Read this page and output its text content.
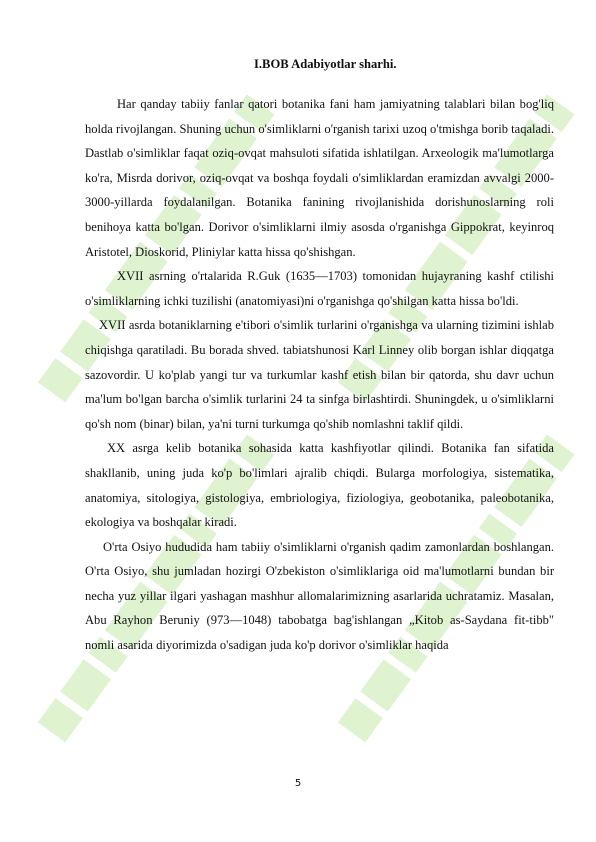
I.BOB Adabiyotlar sharhi.

Har qanday tabiiy fanlar qatori botanika fani ham jamiyatning talablari bilan bog'liq holda rivojlangan. Shuning uchun o'simliklarni o'rganish tarixi uzoq o'tmishga borib taqaladi. Dastlab o'simliklar faqat oziq-ovqat mahsuloti sifatida ishlatilgan. Arxeologik ma'lumotlarga ko'ra, Misrda dorivor, oziq-ovqat va boshqa foydali o'simliklardan eramizdan avvalgi 2000-3000-yillarda foydalanilgan. Botanika fanining rivojlanishida dorishunoslarning roli benihoya katta bo'lgan. Dorivor o'simliklarni ilmiy asosda o'rganishga Gippokrat, keyinroq Aristotel, Dioskorid, Pliniylar katta hissa qo'shishgan.

XVII asrning o'rtalarida R.Guk (1635—1703) tomonidan hujayraning kashf ctilishi o'simliklarning ichki tuzilishi (anatomiyasi)ni o'rganishga qo'shilgan katta hissa bo'ldi.

XVII asrda botaniklarning e'tibori o'simlik turlarini o'rganishga va ularning tizimini ishlab chiqishga qaratiladi. Bu borada shved. tabiatshunosi Karl Linney olib borgan ishlar diqqatga sazovordir. U ko'plab yangi tur va turkumlar kashf etish bilan bir qatorda, shu davr uchun ma'lum bo'lgan barcha o'simlik turlarini 24 ta sinfga birlashtirdi. Shuningdek, u o'simliklarni qo'sh nom (binar) bilan, ya'ni turni turkumga qo'shib nomlashni taklif qildi.

XX asrga kelib botanika sohasida katta kashfiyotlar qilindi. Botanika fan sifatida shakllanib, uning juda ko'p bo'limlari ajralib chiqdi. Bularga morfologiya, sistematika, anatomiya, sitologiya, gistologiya, embriologiya, fiziologiya, geobotanika, paleobotanika, ekologiya va boshqalar kiradi.

O'rta Osiyo hududida ham tabiiy o'simliklarni o'rganish qadim zamonlardan boshlangan. O'rta Osiyo, shu jumladan hozirgi O'zbekiston o'simliklariga oid ma'lumotlarni bundan bir necha yuz yillar ilgari yashagan mashhur allomalarimizning asarlarida uchratamiz. Masalan, Abu Rayhon Beruniy (973—1048) tabobatga bag'ishlangan „Kitob as-Saydana fit-tibb" nomli asarida diyorimizda o'sadigan juda ko'p dorivor o'simliklar haqida

5
